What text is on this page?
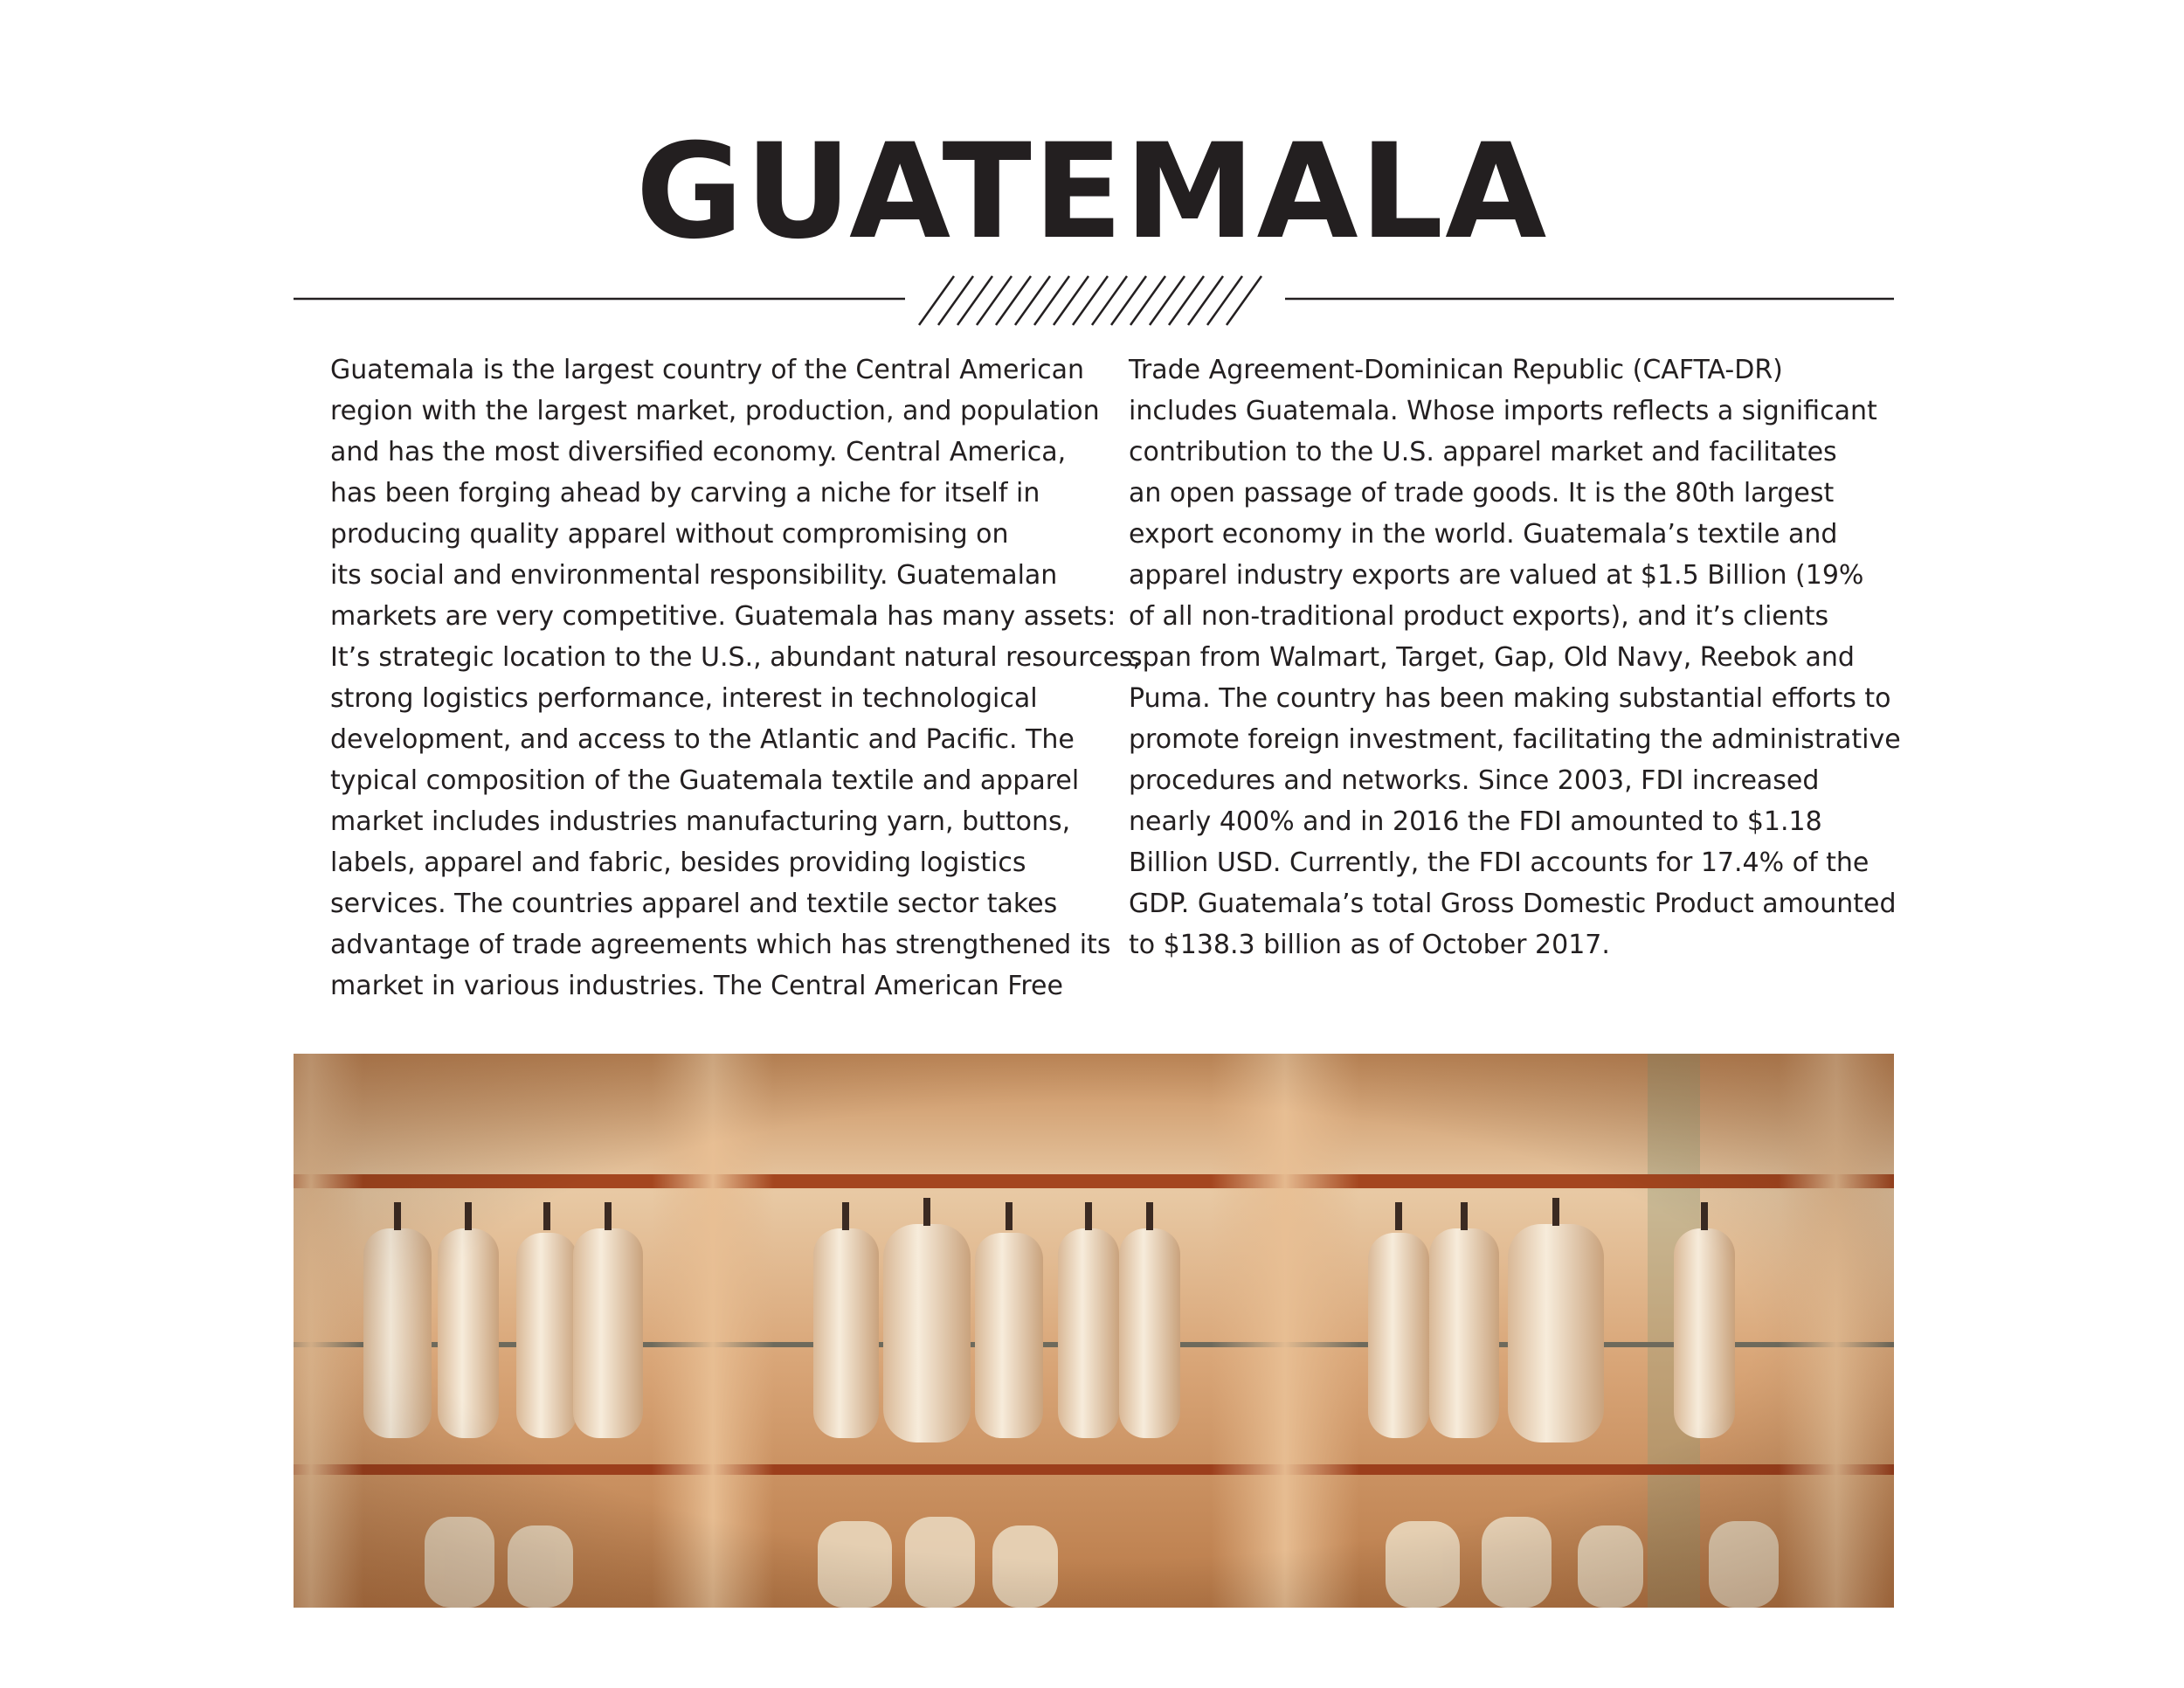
GUATEMALA
Guatemala is the largest country of the Central American
region with the largest market, production, and population
and has the most diversified economy. Central America,
has been forging ahead by carving a niche for itself in
producing quality apparel without compromising on
its social and environmental responsibility. Guatemalan
markets are very competitive. Guatemala has many assets:
It’s strategic location to the U.S., abundant natural resources,
strong logistics performance, interest in technological
development, and access to the Atlantic and Pacific. The
typical composition of the Guatemala textile and apparel
market includes industries manufacturing yarn, buttons,
labels, apparel and fabric, besides providing logistics
services. The countries apparel and textile sector takes
advantage of trade agreements which has strengthened its
market in various industries. The Central American Free
Trade Agreement-Dominican Republic (CAFTA-DR)
includes Guatemala. Whose imports reflects a significant
contribution to the U.S. apparel market and facilitates
an open passage of trade goods. It is the 80th largest
export economy in the world. Guatemala’s textile and
apparel industry exports are valued at $1.5 Billion (19%
of all non-traditional product exports), and it’s clients
span from Walmart, Target, Gap, Old Navy, Reebok and
Puma. The country has been making substantial efforts to
promote foreign investment, facilitating the administrative
procedures and networks. Since 2003, FDI increased
nearly 400% and in 2016 the FDI amounted to $1.18
Billion USD. Currently, the FDI accounts for 17.4% of the
GDP. Guatemala’s total Gross Domestic Product amounted
to $138.3 billion as of October 2017.
